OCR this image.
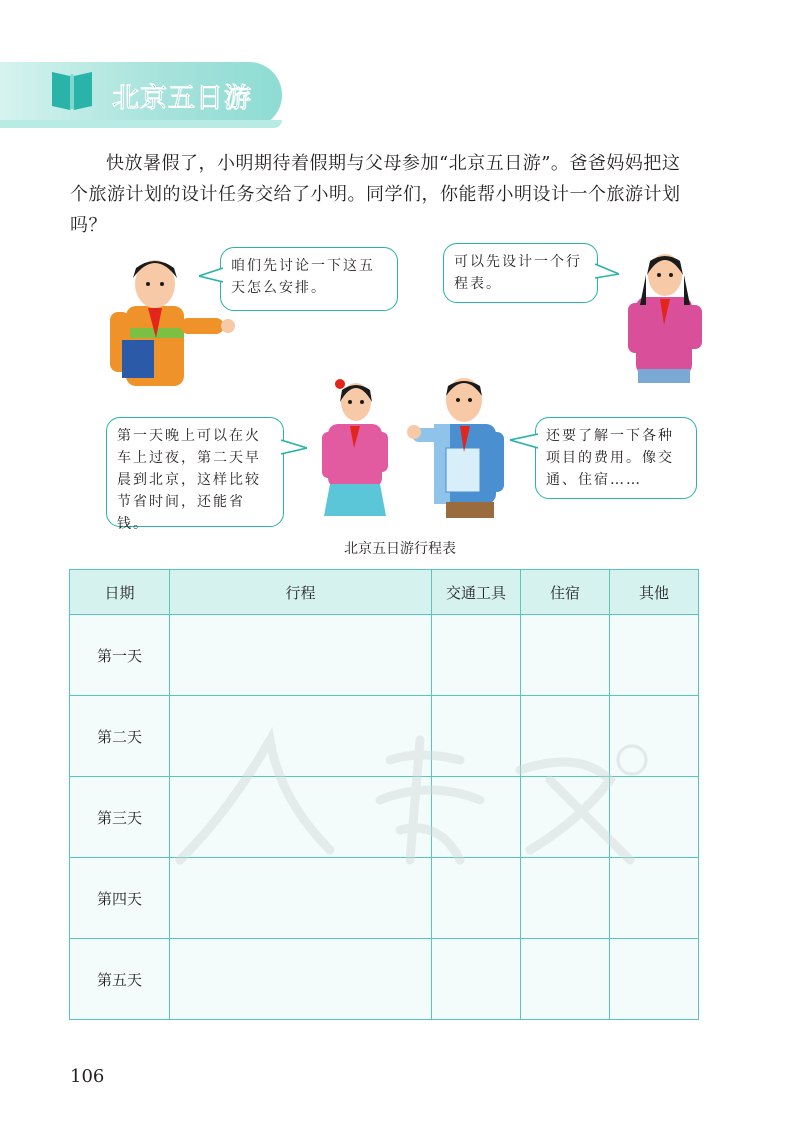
北京五日游

快放暑假了，小明期待着假期与父母参加“北京五日游”。爸爸妈妈把这个旅游计划的设计任务交给了小明。同学们，你能帮小明设计一个旅游计划吗？

咱们先讨论一下这五天怎么安排。
可以先设计一个行程表。
第一天晚上可以在火车上过夜，第二天早晨到北京，这样比较节省时间，还能省钱。
还要了解一下各种项目的费用。像交通、住宿……
北京五日游行程表
日期	行程	交通工具	住宿	其他
第一天				
第二天				
第三天				
第四天				
第五天				
106
